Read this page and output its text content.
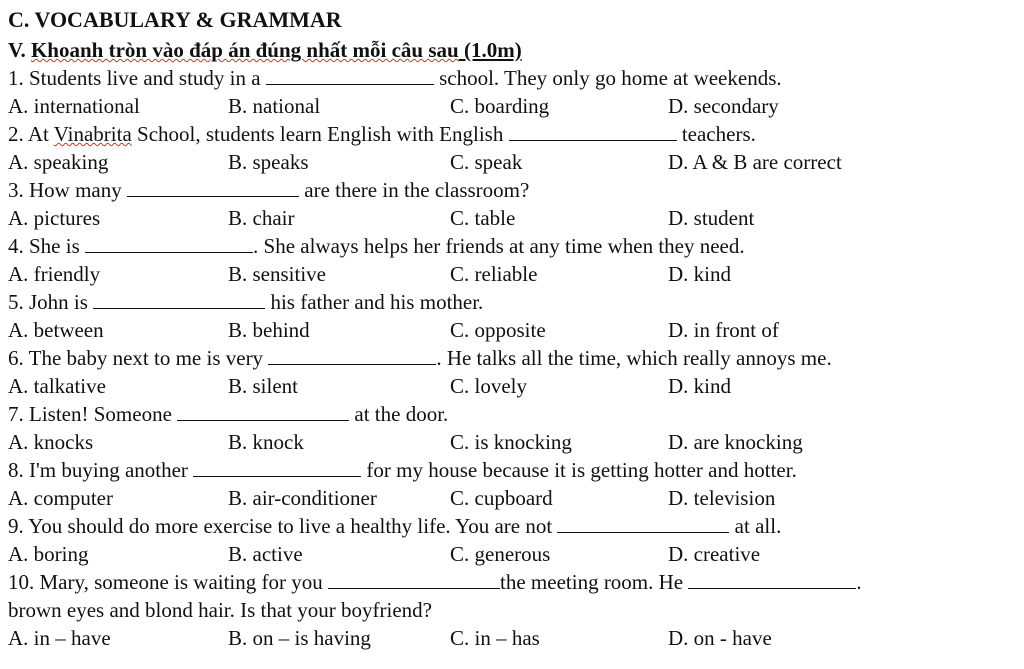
C. VOCABULARY & GRAMMAR
V. Khoanh tròn vào đáp án đúng nhất mỗi câu sau (1.0m)
1. Students live and study in a	school. They only go home at weekends.
A. international	B. national	C. boarding	D. secondary
2. At Vinabrita School, students learn English with English	teachers.
A. speaking	B. speaks	C. speak	D. A & B are correct
3. How many	are there in the classroom?
A. pictures	B. chair	C. table	D. student
4. She is	. She always helps her friends at any time when they need.
A. friendly	B. sensitive	C. reliable	D. kind
5. John is	his father and his mother.
A. between	B. behind	C. opposite	D. in front of
6. The baby next to me is very	. He talks all the time, which really annoys me.
A. talkative	B. silent	C. lovely	D. kind
7. Listen! Someone	at the door.
A. knocks	B. knock	C. is knocking	D. are knocking
8. I'm buying another	for my house because it is getting hotter and hotter.
A. computer	B. air-conditioner	C. cupboard	D. television
9. You should do more exercise to live a healthy life. You are not	at all.
A. boring	B. active	C. generous	D. creative
10. Mary, someone is waiting for you	the meeting room. He	.
brown eyes and blond hair. Is that your boyfriend?
A. in – have	B. on – is having	C. in – has	D. on - have
